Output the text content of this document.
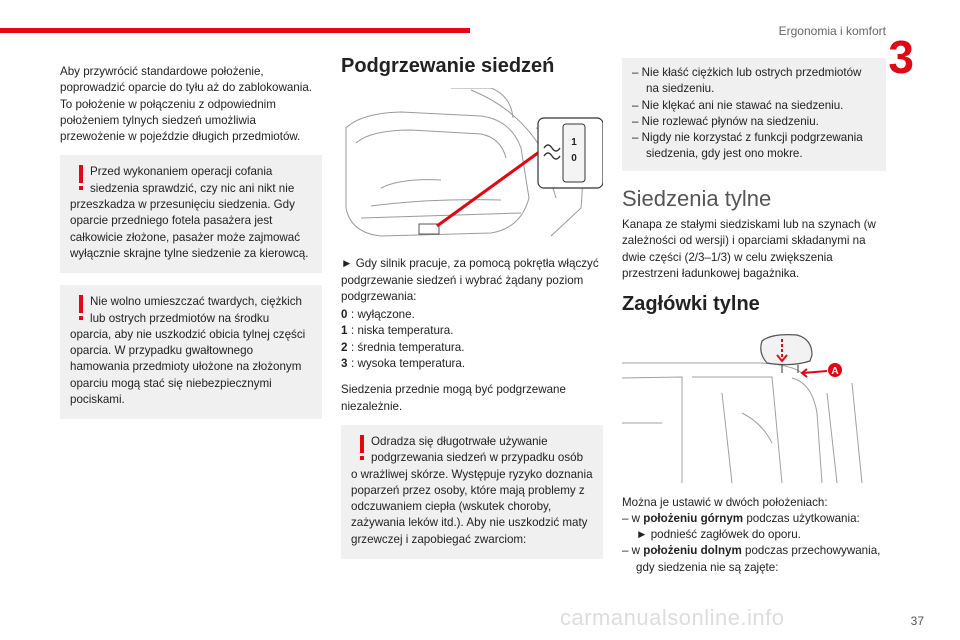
Ergonomia i komfort 3

Aby przywrócić standardowe położenie, poprowadzić oparcie do tyłu aż do zablokowania. To położenie w połączeniu z odpowiednim położeniem tylnych siedzeń umożliwia przewożenie w pojeździe długich przedmiotów.

Przed wykonaniem operacji cofania siedzenia sprawdzić, czy nic ani nikt nie
przeszkadza w przesunięciu siedzenia. Gdy oparcie przedniego fotela pasażera jest całkowicie złożone, pasażer może zajmować wyłącznie skrajne tylne siedzenie za kierowcą.
Nie wolno umieszczać twardych, ciężkich lub ostrych przedmiotów na środku
oparcia, aby nie uszkodzić obicia tylnej części oparcia. W przypadku gwałtownego hamowania przedmioty ułożone na złożonym oparciu mogą stać się niebezpiecznymi pociskami.
Podgrzewanie siedzeń
1
0

► Gdy silnik pracuje, za pomocą pokrętła włączyć podgrzewanie siedzeń i wybrać żądany poziom podgrzewania:

0 : wyłączone.
1 : niska temperatura.
2 : średnia temperatura.
3 : wysoka temperatura.

Siedzenia przednie mogą być podgrzewane niezależnie.

Odradza się długotrwałe używanie podgrzewania siedzeń w przypadku osób
o wrażliwej skórze. Występuje ryzyko doznania poparzeń przez osoby, które mają problemy z odczuwaniem ciepła (wskutek choroby, zażywania leków itd.). Aby nie uszkodzić maty grzewczej i zapobiegać zwarciom:
– Nie kłaść ciężkich lub ostrych przedmiotów na siedzeniu.
– Nie klękać ani nie stawać na siedzeniu.
– Nie rozlewać płynów na siedzeniu.
– Nigdy nie korzystać z funkcji podgrzewania siedzenia, gdy jest ono mokre.
Siedzenia tylne

Kanapa ze stałymi siedziskami lub na szynach (w zależności od wersji) i oparciami składanymi na dwie części (2/3–1/3) w celu zwiększenia przestrzeni ładunkowej bagażnika.

Zagłówki tylne
A

Można je ustawić w dwóch położeniach:

– w położeniu górnym podczas użytkowania:
► podnieść zagłówek do oporu.
– w położeniu dolnym podczas przechowywania, gdy siedzenia nie są zajęte:
carmanualsonline.info	37
